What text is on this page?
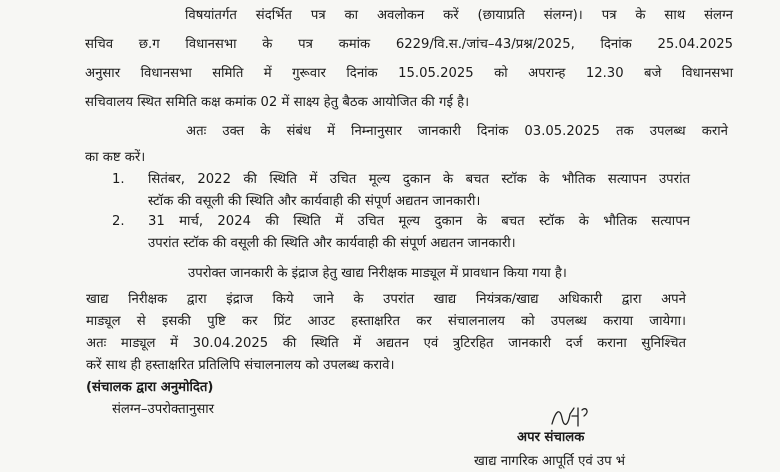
विषयांतर्गत संदर्भित पत्र का अवलोकन करें (छायाप्रति संलग्न)। पत्र के साथ संलग्न
सचिव छ.ग विधानसभा के पत्र कमांक 6229/वि.स./जांच–43/प्रश्न/2025, दिनांक 25.04.2025
अनुसार विधानसभा समिति में गुरूवार दिनांक 15.05.2025 को अपरान्ह 12.30 बजे विधानसभा
सचिवालय स्थित समिति कक्ष कमांक 02 में साक्ष्य हेतु बैठक आयोजित की गई है।
अतः उक्त के संबंध में निम्नानुसार जानकारी दिनांक 03.05.2025 तक उपलब्ध कराने
का कष्ट करें।
1. सितंबर, 2022 की स्थिति में उचित मूल्य दुकान के बचत स्टॉक के भौतिक सत्यापन उपरांत
स्टॉक की वसूली की स्थिति और कार्यवाही की संपूर्ण अद्यतन जानकारी।
2. 31 मार्च, 2024 की स्थिति में उचित मूल्य दुकान के बचत स्टॉक के भौतिक सत्यापन
उपरांत स्टॉक की वसूली की स्थिति और कार्यवाही की संपूर्ण अद्यतन जानकारी।
उपरोक्त जानकारी के इंद्राज हेतु खाद्य निरीक्षक माड्यूल में प्रावधान किया गया है।
खाद्य निरीक्षक द्वारा इंद्राज किये जाने के उपरांत खाद्य नियंत्रक/खाद्य अधिकारी द्वारा अपने
माड्यूल से इसकी पुष्टि कर प्रिंट आउट हस्ताक्षरित कर संचालनालय को उपलब्ध कराया जायेगा।
अतः माड्यूल में 30.04.2025 की स्थिति में अद्यतन एवं त्रुटिरहित जानकारी दर्ज कराना सुनिश्चित
करें साथ ही हस्ताक्षरित प्रतिलिपि संचालनालय को उपलब्ध करावे।
(संचालक द्वारा अनुमोदित)
संलग्न–उपरोक्तानुसार
अपर संचालक
खाद्य नागरिक आपूर्ति एवं उप भं
